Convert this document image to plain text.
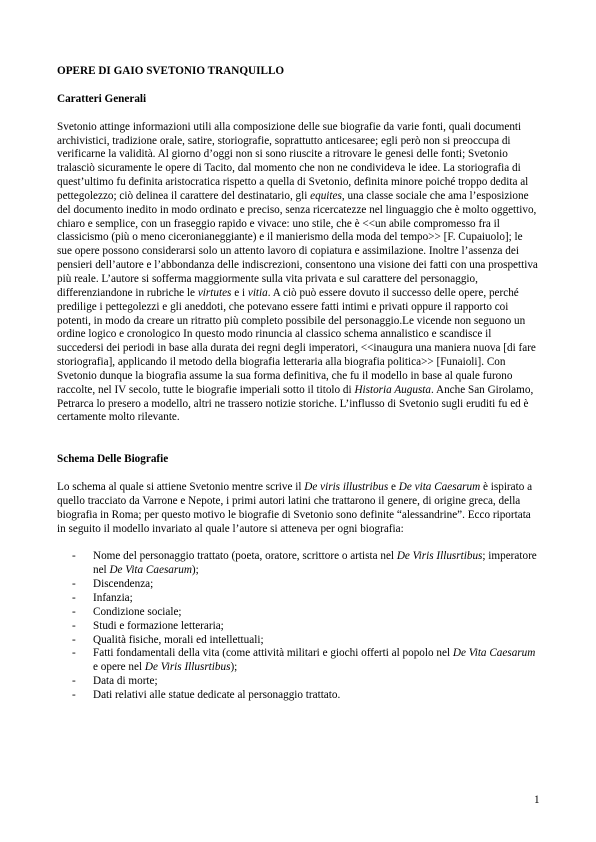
OPERE DI GAIO SVETONIO TRANQUILLO

Caratteri Generali

Svetonio attinge informazioni utili alla composizione delle sue biografie da varie fonti, quali documenti archivistici, tradizione orale, satire, storiografie, soprattutto anticesaree; egli però non si preoccupa di verificarne la validità. Al giorno d’oggi non si sono riuscite a ritrovare le genesi delle fonti; Svetonio tralasciò sicuramente le opere di Tacito, dal momento che non ne condivideva le idee. La storiografia di quest’ultimo fu definita aristocratica rispetto a quella di Svetonio, definita minore poiché troppo dedita al pettegolezzo; ciò delinea il carattere del destinatario, gli equites, una classe sociale che ama l’esposizione del documento inedito in modo ordinato e preciso, senza ricercatezze nel linguaggio che è molto oggettivo, chiaro e semplice, con un fraseggio rapido e vivace: uno stile, che è <<un abile compromesso fra il classicismo (più o meno ciceronianeggiante) e il manierismo della moda del tempo>> [F. Cupaiuolo]; le sue opere possono considerarsi solo un attento lavoro di copiatura e assimilazione. Inoltre l’assenza dei pensieri dell’autore e l’abbondanza delle indiscrezioni, consentono una visione dei fatti con una prospettiva più reale. L’autore si sofferma maggiormente sulla vita privata e sul carattere del personaggio, differenziandone in rubriche le virtutes e i vitia. A ciò può essere dovuto il successo delle opere, perché predilige i pettegolezzi e gli aneddoti, che potevano essere fatti intimi e privati oppure il rapporto coi potenti, in modo da creare un ritratto più completo possibile del personaggio.Le vicende non seguono un ordine logico e cronologico In questo modo rinuncia al classico schema annalistico e scandisce il succedersi dei periodi in base alla durata dei regni degli imperatori, <<inaugura una maniera nuova [di fare storiografia], applicando il metodo della biografia letteraria alla biografia politica>> [Funaioli]. Con Svetonio dunque la biografia assume la sua forma definitiva, che fu il modello in base al quale furono raccolte, nel IV secolo, tutte le biografie imperiali sotto il titolo di Historia Augusta. Anche San Girolamo, Petrarca lo presero a modello, altri ne trassero notizie storiche. L’influsso di Svetonio sugli eruditi fu ed è certamente molto rilevante.

Schema Delle Biografie

Lo schema al quale si attiene Svetonio mentre scrive il De viris illustribus e De vita Caesarum è ispirato a quello tracciato da Varrone e Nepote, i primi autori latini che trattarono il genere, di origine greca, della biografia in Roma; per questo motivo le biografie di Svetonio sono definite “alessandrine”. Ecco riportata in seguito il modello invariato al quale l’autore si atteneva per ogni biografia:

- Nome del personaggio trattato (poeta, oratore, scrittore o artista nel De Viris Illusrtibus; imperatore nel De Vita Caesarum);
- Discendenza;
- Infanzia;
- Condizione sociale;
- Studi e formazione letteraria;
- Qualità fisiche, morali ed intellettuali;
- Fatti fondamentali della vita (come attività militari e giochi offerti al popolo nel De Vita Caesarum e opere nel De Viris Illusrtibus);
- Data di morte;
- Dati relativi alle statue dedicate al personaggio trattato.
1
